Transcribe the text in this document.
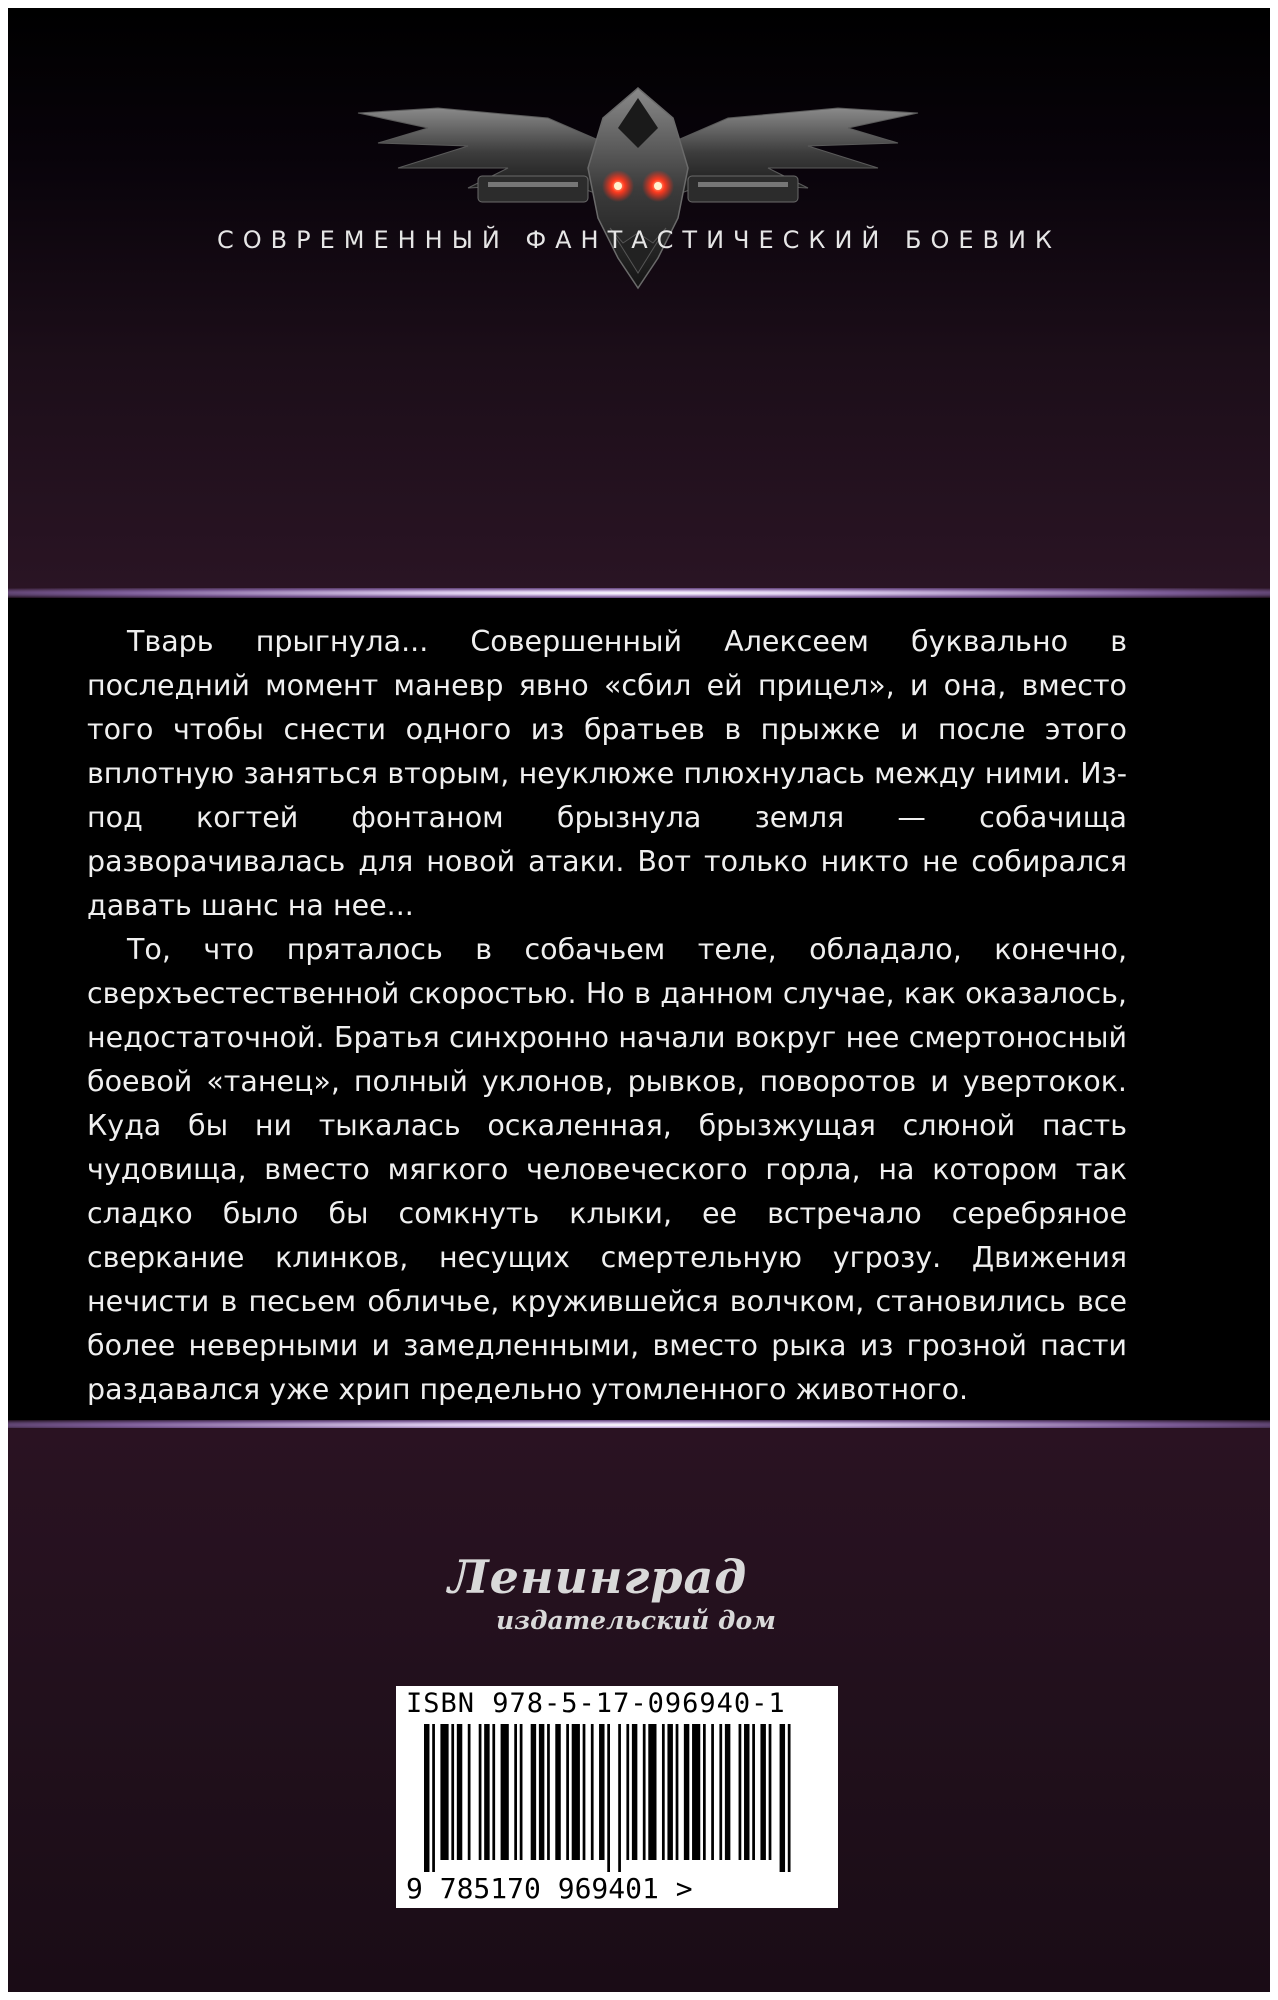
СОВРЕМЕННЫЙ ФАНТАСТИЧЕСКИЙ БОЕВИК

Тварь прыгнула... Совершенный Алексеем буквально в последний момент маневр явно «сбил ей прицел», и она, вместо того чтобы снести одного из братьев в прыжке и после этого вплотную заняться вторым, неуклюже плюхнулась между ними. Из-под когтей фонтаном брызнула земля — собачища разворачивалась для новой атаки. Вот только никто не собирался давать шанс на нее...

То, что пряталось в собачьем теле, обладало, конечно, сверхъестественной скоростью. Но в данном случае, как оказалось, недостаточной. Братья синхронно начали вокруг нее смертоносный боевой «танец», полный уклонов, рывков, поворотов и увертокок. Куда бы ни тыкалась оскаленная, брызжущая слюной пасть чудовища, вместо мягкого человеческого горла, на котором так сладко было бы сомкнуть клыки, ее встречало серебряное сверкание клинков, несущих смертельную угрозу. Движения нечисти в песьем обличье, кружившейся волчком, становились все более неверными и замедленными, вместо рыка из грозной пасти раздавался уже хрип предельно утомленного животного.

Ленинград
издательский дом
ISBN 978-5-17-096940-1
9 785170 969401 >
